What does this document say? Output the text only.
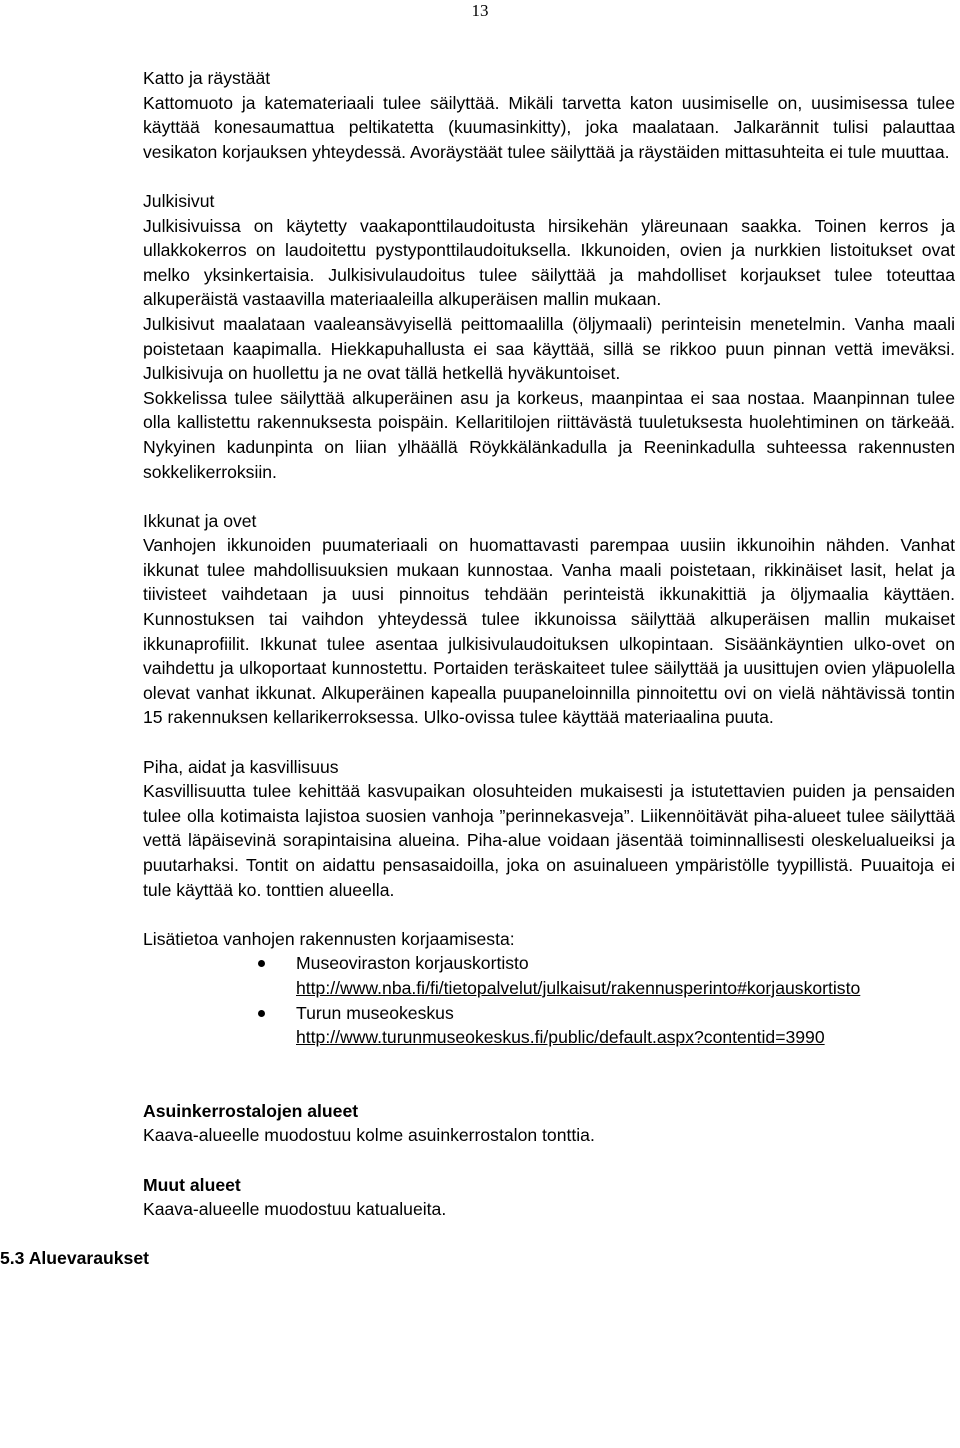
13
5.3 Aluevaraukset
Katto ja räystäät
Kattomuoto ja katemateriaali tulee säilyttää. Mikäli tarvetta katon uusimiselle on, uusimisessa tulee käyttää konesaumattua peltikatetta (kuumasinkitty), joka maalataan. Jalkarännit tulisi palauttaa vesikaton korjauksen yhteydessä. Avoräystäät tulee säilyttää ja räystäiden mittasuhteita ei tule muuttaa.
Julkisivut
Julkisivuissa on käytetty vaakaponttilaudoitusta hirsikehän yläreunaan saakka. Toinen kerros ja ullakkokerros on laudoitettu pystyponttilaudoituksella. Ikkunoiden, ovien ja nurkkien listoitukset ovat melko yksinkertaisia. Julkisivulaudoitus tulee säilyttää ja mahdolliset korjaukset tulee toteuttaa alkuperäistä vastaavilla materiaaleilla alkuperäisen mallin mukaan.
Julkisivut maalataan vaaleansävyisellä peittomaalilla (öljymaali) perinteisin menetelmin. Vanha maali poistetaan kaapimalla. Hiekkapuhallusta ei saa käyttää, sillä se rikkoo puun pinnan vettä imeväksi. Julkisivuja on huollettu ja ne ovat tällä hetkellä hyväkuntoiset.
Sokkelissa tulee säilyttää alkuperäinen asu ja korkeus, maanpintaa ei saa nostaa. Maanpinnan tulee olla kallistettu rakennuksesta poispäin. Kellaritilojen riittävästä tuuletuksesta huolehtiminen on tärkeää. Nykyinen kadunpinta on liian ylhäällä Röykkälänkadulla ja Reeninkadulla suhteessa rakennusten sokkelikerroksiin.
Ikkunat ja ovet
Vanhojen ikkunoiden puumateriaali on huomattavasti parempaa uusiin ikkunoihin nähden. Vanhat ikkunat tulee mahdollisuuksien mukaan kunnostaa. Vanha maali poistetaan, rikkinäiset lasit, helat ja tiivisteet vaihdetaan ja uusi pinnoitus tehdään perinteistä ikkunakittiä ja öljymaalia käyttäen. Kunnostuksen tai vaihdon yhteydessä tulee ikkunoissa säilyttää alkuperäisen mallin mukaiset ikkunaprofiilit. Ikkunat tulee asentaa julkisivulaudoituksen ulkopintaan. Sisäänkäyntien ulko-ovet on vaihdettu ja ulkoportaat kunnostettu. Portaiden teräskaiteet tulee säilyttää ja uusittujen ovien yläpuolella olevat vanhat ikkunat. Alkuperäinen kapealla puupaneloinnilla pinnoitettu ovi on vielä nähtävissä tontin 15 rakennuksen kellarikerroksessa. Ulko-ovissa tulee käyttää materiaalina puuta.
Piha, aidat ja kasvillisuus
Kasvillisuutta tulee kehittää kasvupaikan olosuhteiden mukaisesti ja istutettavien puiden ja pensaiden tulee olla kotimaista lajistoa suosien vanhoja ”perinnekasveja”. Liikennöitävät piha-alueet tulee säilyttää vettä läpäisevinä sorapintaisina alueina. Piha-alue voidaan jäsentää toiminnallisesti oleskelualueiksi ja puutarhaksi. Tontit on aidattu pensasaidoilla, joka on asuinalueen ympäristölle tyypillistä. Puuaitoja ei tule käyttää ko. tonttien alueella.
Lisätietoa vanhojen rakennusten korjaamisesta:
Museoviraston korjauskortisto
http://www.nba.fi/fi/tietopalvelut/julkaisut/rakennusperinto#korjauskortisto
Turun museokeskus
http://www.turunmuseokeskus.fi/public/default.aspx?contentid=3990
Asuinkerrostalojen alueet
Kaava-alueelle muodostuu kolme asuinkerrostalon tonttia.
Muut alueet
Kaava-alueelle muodostuu katualueita.
